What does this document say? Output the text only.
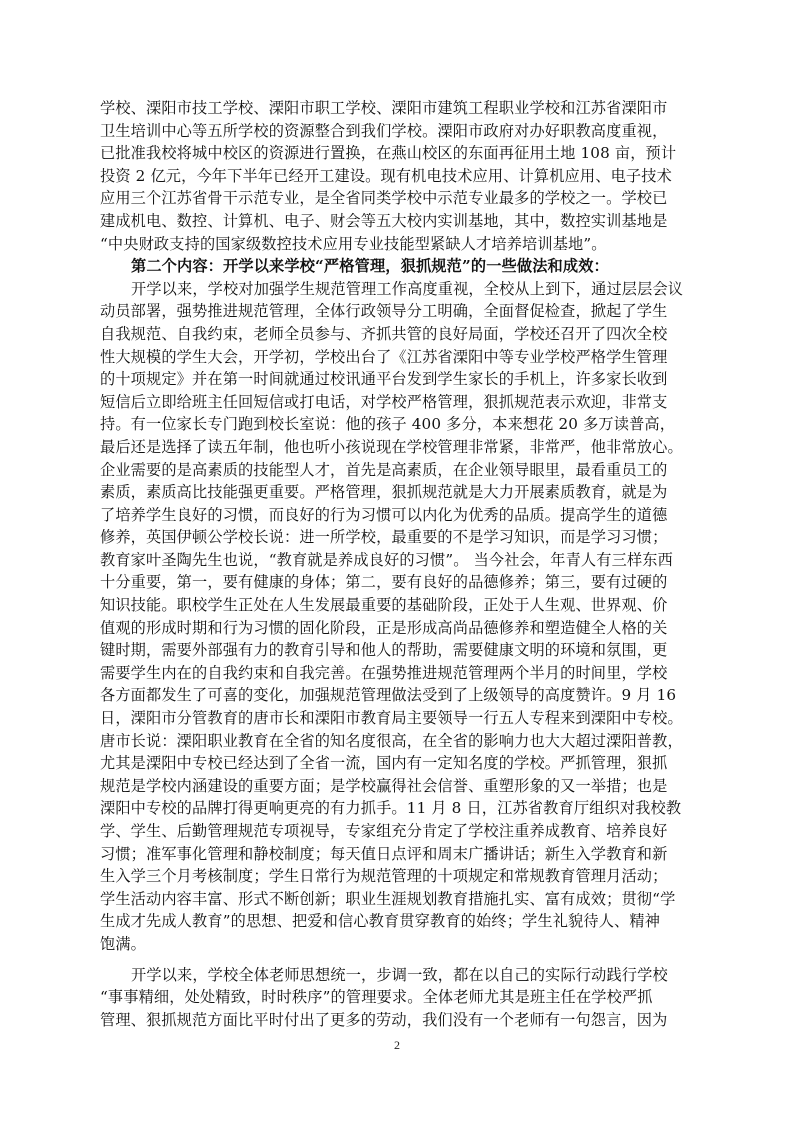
学校、溧阳市技工学校、溧阳市职工学校、溧阳市建筑工程职业学校和江苏省溧阳市
卫生培训中心等五所学校的资源整合到我们学校。溧阳市政府对办好职教高度重视，
已批准我校将城中校区的资源进行置换，在燕山校区的东面再征用土地 108 亩，预计
投资 2 亿元，今年下半年已经开工建设。现有机电技术应用、计算机应用、电子技术
应用三个江苏省骨干示范专业，是全省同类学校中示范专业最多的学校之一。学校已
建成机电、数控、计算机、电子、财会等五大校内实训基地，其中，数控实训基地是
“中央财政支持的国家级数控技术应用专业技能型紧缺人才培养培训基地”。
第二个内容：开学以来学校“严格管理，狠抓规范”的一些做法和成效：
开学以来，学校对加强学生规范管理工作高度重视，全校从上到下，通过层层会议
动员部署，强势推进规范管理，全体行政领导分工明确，全面督促检查，掀起了学生
自我规范、自我约束，老师全员参与、齐抓共管的良好局面，学校还召开了四次全校
性大规模的学生大会，开学初，学校出台了《江苏省溧阳中等专业学校严格学生管理
的十项规定》并在第一时间就通过校讯通平台发到学生家长的手机上，许多家长收到
短信后立即给班主任回短信或打电话，对学校严格管理，狠抓规范表示欢迎，非常支
持。有一位家长专门跑到校长室说：他的孩子 400 多分，本来想花 20 多万读普高，
最后还是选择了读五年制，他也听小孩说现在学校管理非常紧，非常严，他非常放心。
企业需要的是高素质的技能型人才，首先是高素质，在企业领导眼里，最看重员工的
素质，素质高比技能强更重要。严格管理，狠抓规范就是大力开展素质教育，就是为
了培养学生良好的习惯，而良好的行为习惯可以内化为优秀的品质。提高学生的道德
修养，英国伊顿公学校长说：进一所学校，最重要的不是学习知识，而是学习习惯；
教育家叶圣陶先生也说，“教育就是养成良好的习惯”。 当今社会，年青人有三样东西
十分重要，第一，要有健康的身体；第二，要有良好的品德修养；第三，要有过硬的
知识技能。职校学生正处在人生发展最重要的基础阶段，正处于人生观、世界观、价
值观的形成时期和行为习惯的固化阶段，正是形成高尚品德修养和塑造健全人格的关
键时期，需要外部强有力的教育引导和他人的帮助，需要健康文明的环境和氛围，更
需要学生内在的自我约束和自我完善。在强势推进规范管理两个半月的时间里，学校
各方面都发生了可喜的变化，加强规范管理做法受到了上级领导的高度赞许。9 月 16
日，溧阳市分管教育的唐市长和溧阳市教育局主要领导一行五人专程来到溧阳中专校。
唐市长说：溧阳职业教育在全省的知名度很高，在全省的影响力也大大超过溧阳普教，
尤其是溧阳中专校已经达到了全省一流，国内有一定知名度的学校。严抓管理，狠抓
规范是学校内涵建设的重要方面；是学校赢得社会信誉、重塑形象的又一举措；也是
溧阳中专校的品牌打得更响更亮的有力抓手。11 月 8 日，江苏省教育厅组织对我校教
学、学生、后勤管理规范专项视导，专家组充分肯定了学校注重养成教育、培养良好
习惯；准军事化管理和静校制度；每天值日点评和周末广播讲话；新生入学教育和新
生入学三个月考核制度；学生日常行为规范管理的十项规定和常规教育管理月活动；
学生活动内容丰富、形式不断创新；职业生涯规划教育措施扎实、富有成效；贯彻“学
生成才先成人教育”的思想、把爱和信心教育贯穿教育的始终；学生礼貌待人、精神
饱满。
开学以来，学校全体老师思想统一，步调一致，都在以自己的实际行动践行学校
“事事精细，处处精致，时时秩序”的管理要求。全体老师尤其是班主任在学校严抓
管理、狠抓规范方面比平时付出了更多的劳动，我们没有一个老师有一句怨言，因为
2
